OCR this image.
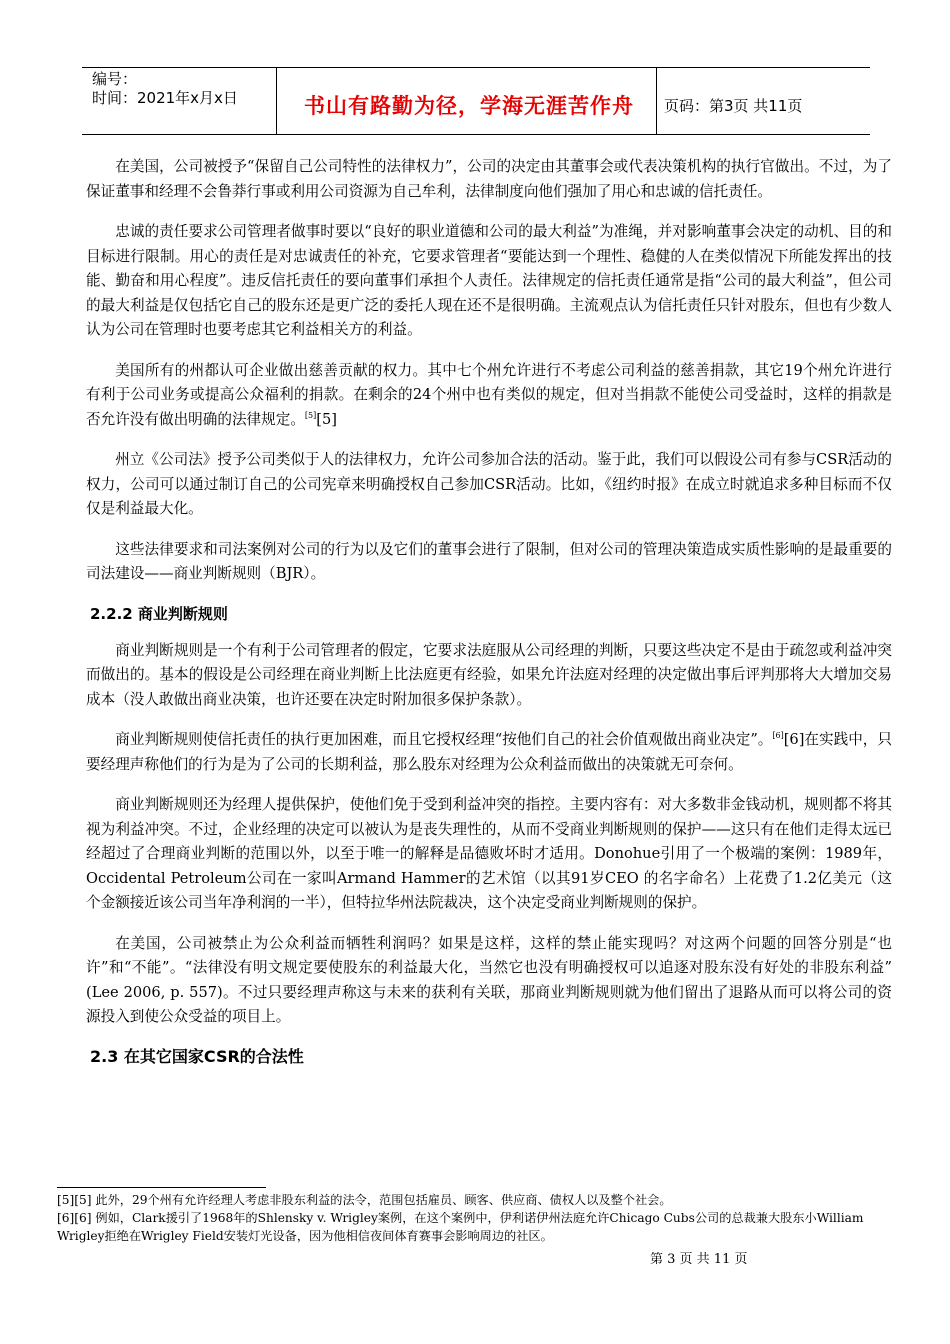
编号：
时间：2021年x月x日	书山有路勤为径，学海无涯苦作舟	页码：第3页 共11页

在美国，公司被授予“保留自己公司特性的法律权力”，公司的决定由其董事会或代表决策机构的执行官做出。不过，为了保证董事和经理不会鲁莽行事或利用公司资源为自己牟利，法律制度向他们强加了用心和忠诚的信托责任。

忠诚的责任要求公司管理者做事时要以“良好的职业道德和公司的最大利益”为准绳，并对影响董事会决定的动机、目的和目标进行限制。用心的责任是对忠诚责任的补充，它要求管理者“要能达到一个理性、稳健的人在类似情况下所能发挥出的技能、勤奋和用心程度”。违反信托责任的要向董事们承担个人责任。法律规定的信托责任通常是指“公司的最大利益”，但公司的最大利益是仅包括它自己的股东还是更广泛的委托人现在还不是很明确。主流观点认为信托责任只针对股东，但也有少数人认为公司在管理时也要考虑其它利益相关方的利益。

美国所有的州都认可企业做出慈善贡献的权力。其中七个州允许进行不考虑公司利益的慈善捐款，其它19个州允许进行有利于公司业务或提高公众福利的捐款。在剩余的24个州中也有类似的规定，但对当捐款不能使公司受益时，这样的捐款是否允许没有做出明确的法律规定。[5][5]

州立《公司法》授予公司类似于人的法律权力，允许公司参加合法的活动。鉴于此，我们可以假设公司有参与CSR活动的权力，公司可以通过制订自己的公司宪章来明确授权自己参加CSR活动。比如，《纽约时报》在成立时就追求多种目标而不仅仅是利益最大化。

这些法律要求和司法案例对公司的行为以及它们的董事会进行了限制，但对公司的管理决策造成实质性影响的是最重要的司法建设——商业判断规则（BJR）。

2.2.2 商业判断规则

商业判断规则是一个有利于公司管理者的假定，它要求法庭服从公司经理的判断，只要这些决定不是由于疏忽或利益冲突而做出的。基本的假设是公司经理在商业判断上比法庭更有经验，如果允许法庭对经理的决定做出事后评判那将大大增加交易成本（没人敢做出商业决策，也许还要在决定时附加很多保护条款）。

商业判断规则使信托责任的执行更加困难，而且它授权经理“按他们自己的社会价值观做出商业决定”。[6][6]在实践中，只要经理声称他们的行为是为了公司的长期利益，那么股东对经理为公众利益而做出的决策就无可奈何。

商业判断规则还为经理人提供保护，使他们免于受到利益冲突的指控。主要内容有：对大多数非金钱动机，规则都不将其视为利益冲突。不过，企业经理的决定可以被认为是丧失理性的，从而不受商业判断规则的保护——这只有在他们走得太远已经超过了合理商业判断的范围以外，以至于唯一的解释是品德败坏时才适用。Donohue引用了一个极端的案例：1989年，Occidental Petroleum公司在一家叫Armand Hammer的艺术馆（以其91岁CEO 的名字命名）上花费了1.2亿美元（这个金额接近该公司当年净利润的一半），但特拉华州法院裁决，这个决定受商业判断规则的保护。

在美国，公司被禁止为公众利益而牺牲利润吗？如果是这样，这样的禁止能实现吗？对这两个问题的回答分别是“也许”和“不能”。“法律没有明文规定要使股东的利益最大化，当然它也没有明确授权可以追逐对股东没有好处的非股东利益” (Lee 2006, p. 557)。不过只要经理声称这与未来的获利有关联，那商业判断规则就为他们留出了退路从而可以将公司的资源投入到使公众受益的项目上。

2.3 在其它国家CSR的合法性
[5][5] 此外，29个州有允许经理人考虑非股东利益的法令，范围包括雇员、顾客、供应商、债权人以及整个社会。
[6][6] 例如，Clark援引了1968年的Shlensky v. Wrigley案例，在这个案例中，伊利诺伊州法庭允许Chicago Cubs公司的总裁兼大股东小William Wrigley拒绝在Wrigley Field安装灯光设备，因为他相信夜间体育赛事会影响周边的社区。
第 3 页 共 11 页
